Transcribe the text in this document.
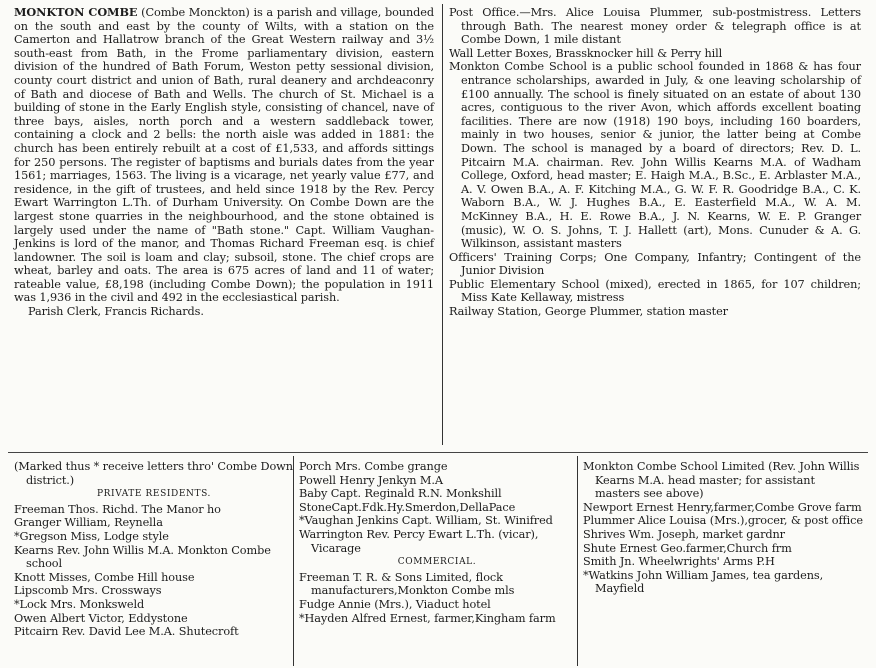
MONKTON COMBE (Combe Monckton) is a parish and village, bounded on the south and east by the county of Wilts, with a station on the Camerton and Hallatrow branch of the Great Western railway and 3½ south-east from Bath, in the Frome parliamentary division, eastern division of the hundred of Bath Forum, Weston petty sessional division, county court district and union of Bath, rural deanery and archdeaconry of Bath and diocese of Bath and Wells. The church of St. Michael is a building of stone in the Early English style, consisting of chancel, nave of three bays, aisles, north porch and a western saddleback tower, containing a clock and 2 bells: the north aisle was added in 1881: the church has been entirely rebuilt at a cost of £1,533, and affords sittings for 250 persons. The register of baptisms and burials dates from the year 1561; marriages, 1563. The living is a vicarage, net yearly value £77, and residence, in the gift of trustees, and held since 1918 by the Rev. Percy Ewart Warrington L.Th. of Durham University. On Combe Down are the largest stone quarries in the neighbourhood, and the stone obtained is largely used under the name of "Bath stone." Capt. William Vaughan-Jenkins is lord of the manor, and Thomas Richard Freeman esq. is chief landowner. The soil is loam and clay; subsoil, stone. The chief crops are wheat, barley and oats. The area is 675 acres of land and 11 of water; rateable value, £8,198 (including Combe Down); the population in 1911 was 1,936 in the civil and 492 in the ecclesiastical parish.

Parish Clerk, Francis Richards.

Post Office.—Mrs. Alice Louisa Plummer, sub-postmistress. Letters through Bath. The nearest money order & telegraph office is at Combe Down, 1 mile distant

Wall Letter Boxes, Brassknocker hill & Perry hill

Monkton Combe School is a public school founded in 1868 & has four entrance scholarships, awarded in July, & one leaving scholarship of £100 annually. The school is finely situated on an estate of about 130 acres, contiguous to the river Avon, which affords excellent boating facilities. There are now (1918) 190 boys, including 160 boarders, mainly in two houses, senior & junior, the latter being at Combe Down. The school is managed by a board of directors; Rev. D. L. Pitcairn M.A. chairman. Rev. John Willis Kearns M.A. of Wadham College, Oxford, head master; E. Haigh M.A., B.Sc., E. Arblaster M.A., A. V. Owen B.A., A. F. Kitching M.A., G. W. F. R. Goodridge B.A., C. K. Waborn B.A., W. J. Hughes B.A., E. Easterfield M.A., W. A. M. McKinney B.A., H. E. Rowe B.A., J. N. Kearns, W. E. P. Granger (music), W. O. S. Johns, T. J. Hallett (art), Mons. Cunuder & A. G. Wilkinson, assistant masters

Officers' Training Corps; One Company, Infantry; Contingent of the Junior Division

Public Elementary School (mixed), erected in 1865, for 107 children; Miss Kate Kellaway, mistress

Railway Station, George Plummer, station master

(Marked thus * receive letters thro' Combe Down district.)
PRIVATE RESIDENTS.
Freeman Thos. Richd. The Manor ho
Granger William, Reynella
*Gregson Miss, Lodge style
Kearns Rev. John Willis M.A. Monkton Combe school
Knott Misses, Combe Hill house
Lipscomb Mrs. Crossways
*Lock Mrs. Monksweld
Owen Albert Victor, Eddystone
Pitcairn Rev. David Lee M.A. Shutecroft
Porch Mrs. Combe grange
Powell Henry Jenkyn M.A
Baby Capt. Reginald R.N. Monkshill
StoneCapt.Fdk.Hy.Smerdon,DellaPace
*Vaughan Jenkins Capt. William, St. Winifred
Warrington Rev. Percy Ewart L.Th. (vicar), Vicarage
COMMERCIAL.
Freeman T. R. & Sons Limited, flock manufacturers,Monkton Combe mls
Fudge Annie (Mrs.), Viaduct hotel
*Hayden Alfred Ernest, farmer,Kingham farm
Monkton Combe School Limited (Rev. John Willis Kearns M.A. head master; for assistant masters see above)
Newport Ernest Henry,farmer,Combe Grove farm
Plummer Alice Louisa (Mrs.),grocer, & post office
Shrives Wm. Joseph, market gardnr
Shute Ernest Geo.farmer,Church frm
Smith Jn. Wheelwrights' Arms P.H
*Watkins John William James, tea gardens, Mayfield
